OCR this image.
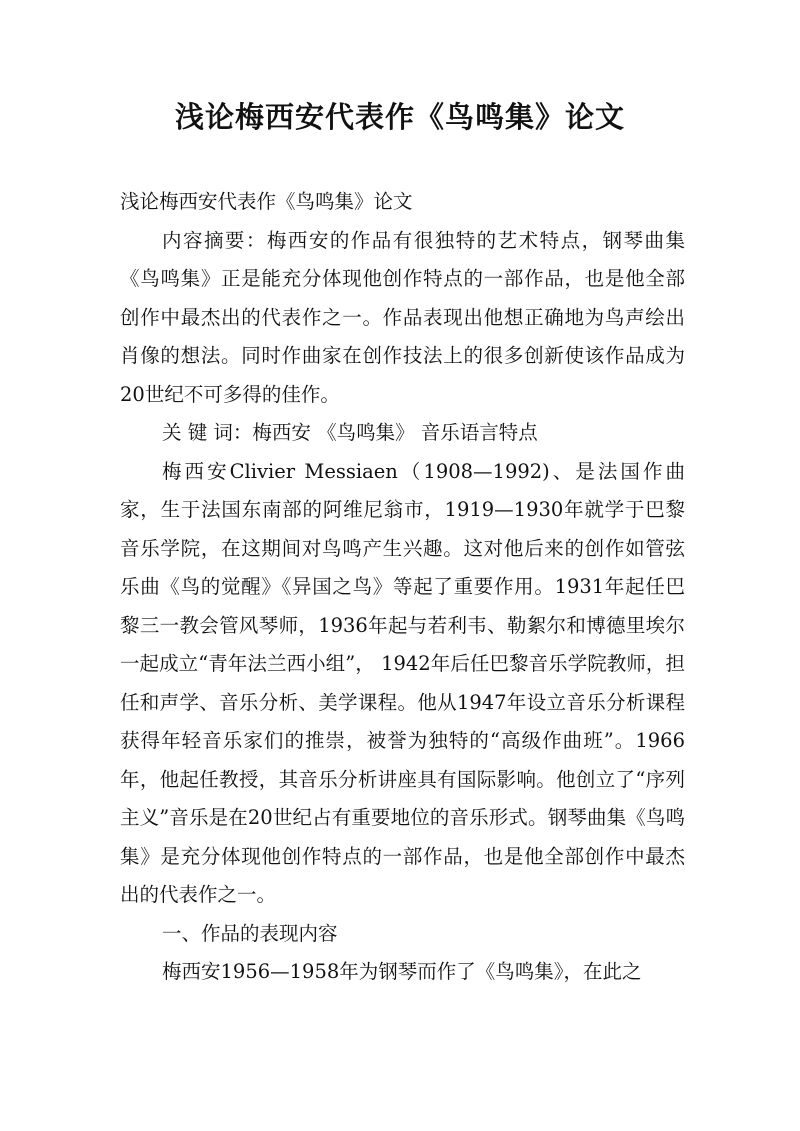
浅论梅西安代表作《鸟鸣集》论文

浅论梅西安代表作《鸟鸣集》论文

内容摘要：梅西安的作品有很独特的艺术特点，钢琴曲集《鸟鸣集》正是能充分体现他创作特点的一部作品，也是他全部创作中最杰出的代表作之一。作品表现出他想正确地为鸟声绘出肖像的想法。同时作曲家在创作技法上的很多创新使该作品成为20世纪不可多得的佳作。

关 键 词：梅西安 《鸟鸣集》 音乐语言特点

梅西安Clivier Messiaen（1908—1992)、是法国作曲家，生于法国东南部的阿维尼翁市，1919—1930年就学于巴黎音乐学院，在这期间对鸟鸣产生兴趣。这对他后来的创作如管弦乐曲《鸟的觉醒》《异国之鸟》等起了重要作用。1931年起任巴黎三一教会管风琴师，1936年起与若利韦、勒絮尔和博德里埃尔一起成立“青年法兰西小组”， 1942年后任巴黎音乐学院教师，担任和声学、音乐分析、美学课程。他从1947年设立音乐分析课程获得年轻音乐家们的推崇，被誉为独特的“高级作曲班”。1966年，他起任教授，其音乐分析讲座具有国际影响。他创立了“序列主义”音乐是在20世纪占有重要地位的音乐形式。钢琴曲集《鸟鸣集》是充分体现他创作特点的一部作品，也是他全部创作中最杰出的代表作之一。

一、作品的表现内容

梅西安1956—1958年为钢琴而作了《鸟鸣集》，在此之
